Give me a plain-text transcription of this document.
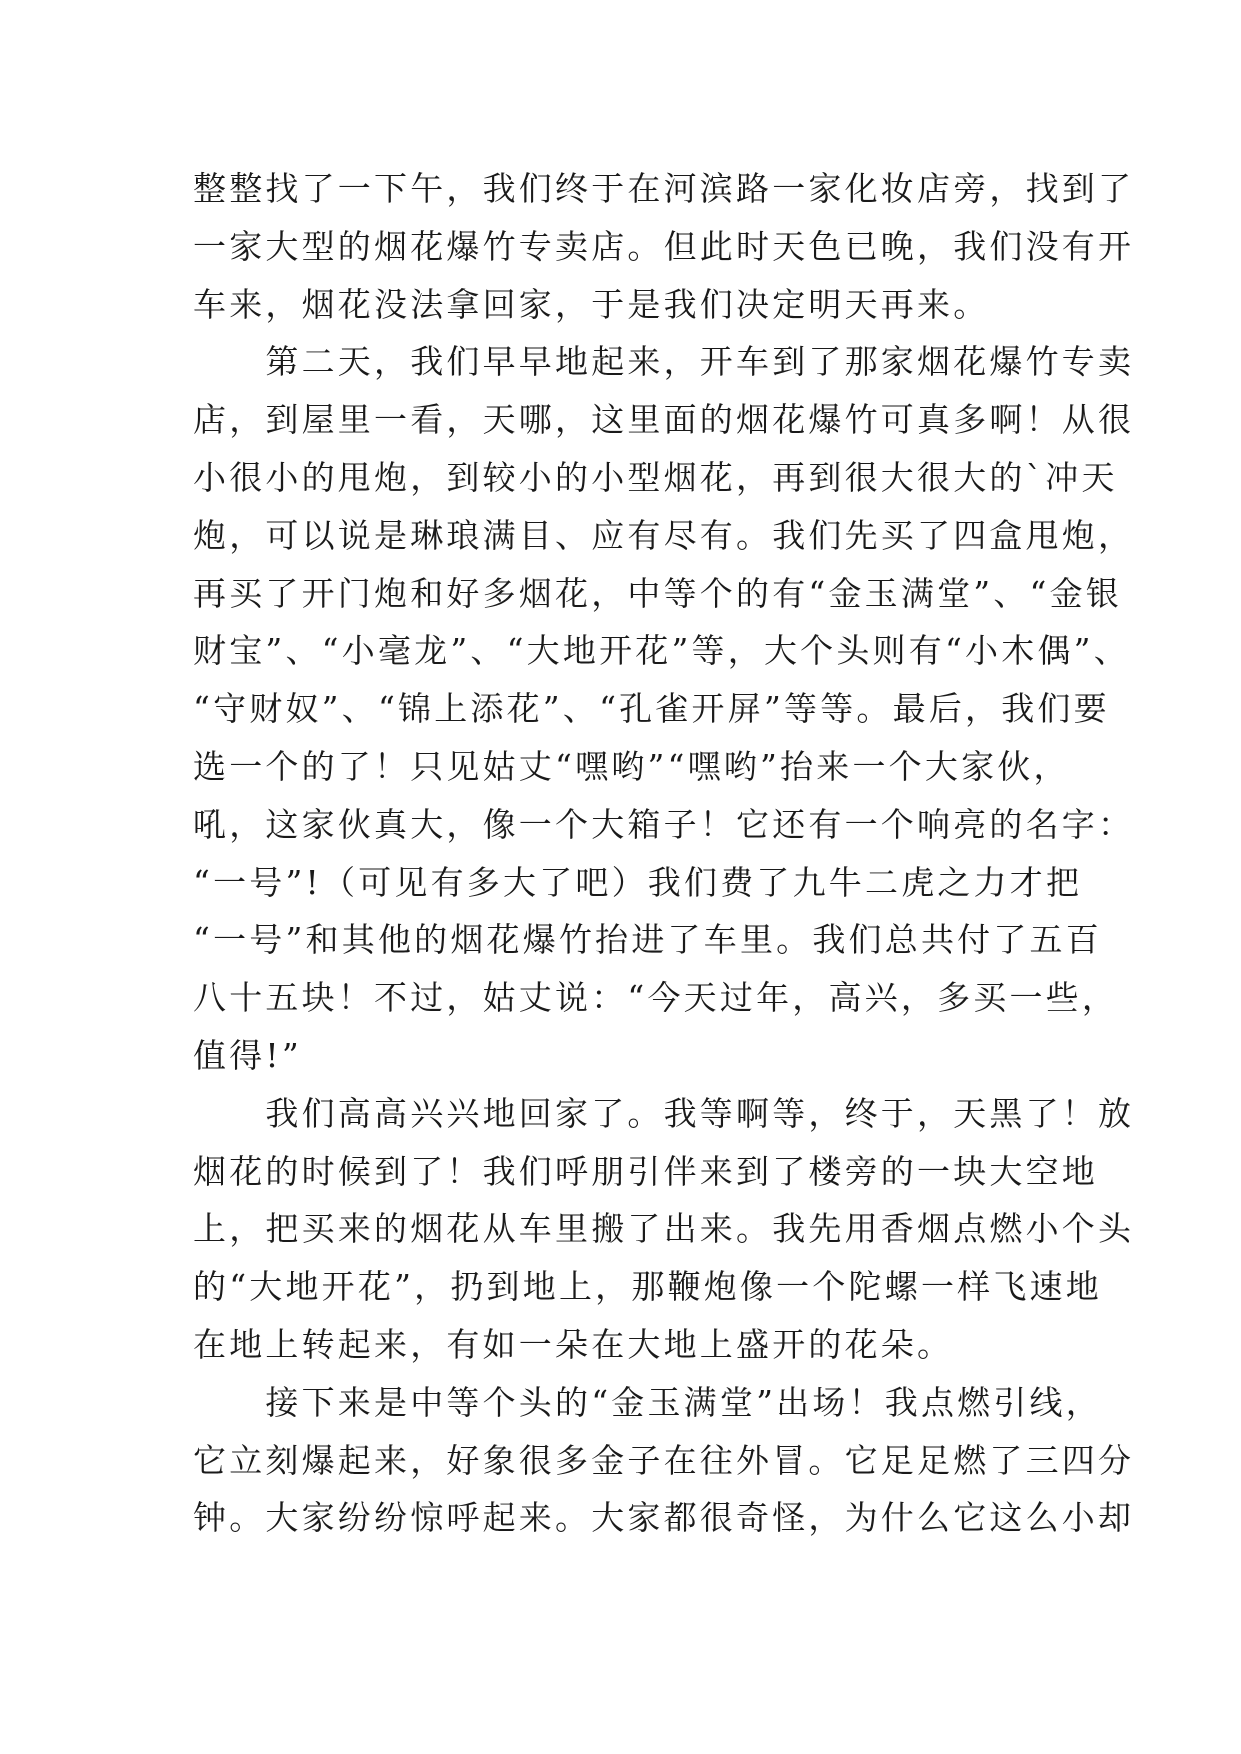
整整找了一下午，我们终于在河滨路一家化妆店旁，找到了
一家大型的烟花爆竹专卖店。但此时天色已晚，我们没有开
车来，烟花没法拿回家，于是我们决定明天再来。
　　第二天，我们早早地起来，开车到了那家烟花爆竹专卖
店，到屋里一看，天哪，这里面的烟花爆竹可真多啊！从很
小很小的甩炮，到较小的小型烟花，再到很大很大的`冲天
炮，可以说是琳琅满目、应有尽有。我们先买了四盒甩炮，
再买了开门炮和好多烟花，中等个的有“金玉满堂”、“金银
财宝”、“小毫龙”、“大地开花”等，大个头则有“小木偶”、
“守财奴”、“锦上添花”、“孔雀开屏”等等。最后，我们要
选一个的了！只见姑丈“嘿哟”“嘿哟”抬来一个大家伙，
吼，这家伙真大，像一个大箱子！它还有一个响亮的名字：
“一号”!（可见有多大了吧）我们费了九牛二虎之力才把
“一号”和其他的烟花爆竹抬进了车里。我们总共付了五百
八十五块！不过，姑丈说：“今天过年，高兴，多买一些，
值得!”
　　我们高高兴兴地回家了。我等啊等，终于，天黑了！放
烟花的时候到了！我们呼朋引伴来到了楼旁的一块大空地
上，把买来的烟花从车里搬了出来。我先用香烟点燃小个头
的“大地开花”，扔到地上，那鞭炮像一个陀螺一样飞速地
在地上转起来，有如一朵在大地上盛开的花朵。
　　接下来是中等个头的“金玉满堂”出场！我点燃引线，
它立刻爆起来，好象很多金子在往外冒。它足足燃了三四分
钟。大家纷纷惊呼起来。大家都很奇怪，为什么它这么小却
